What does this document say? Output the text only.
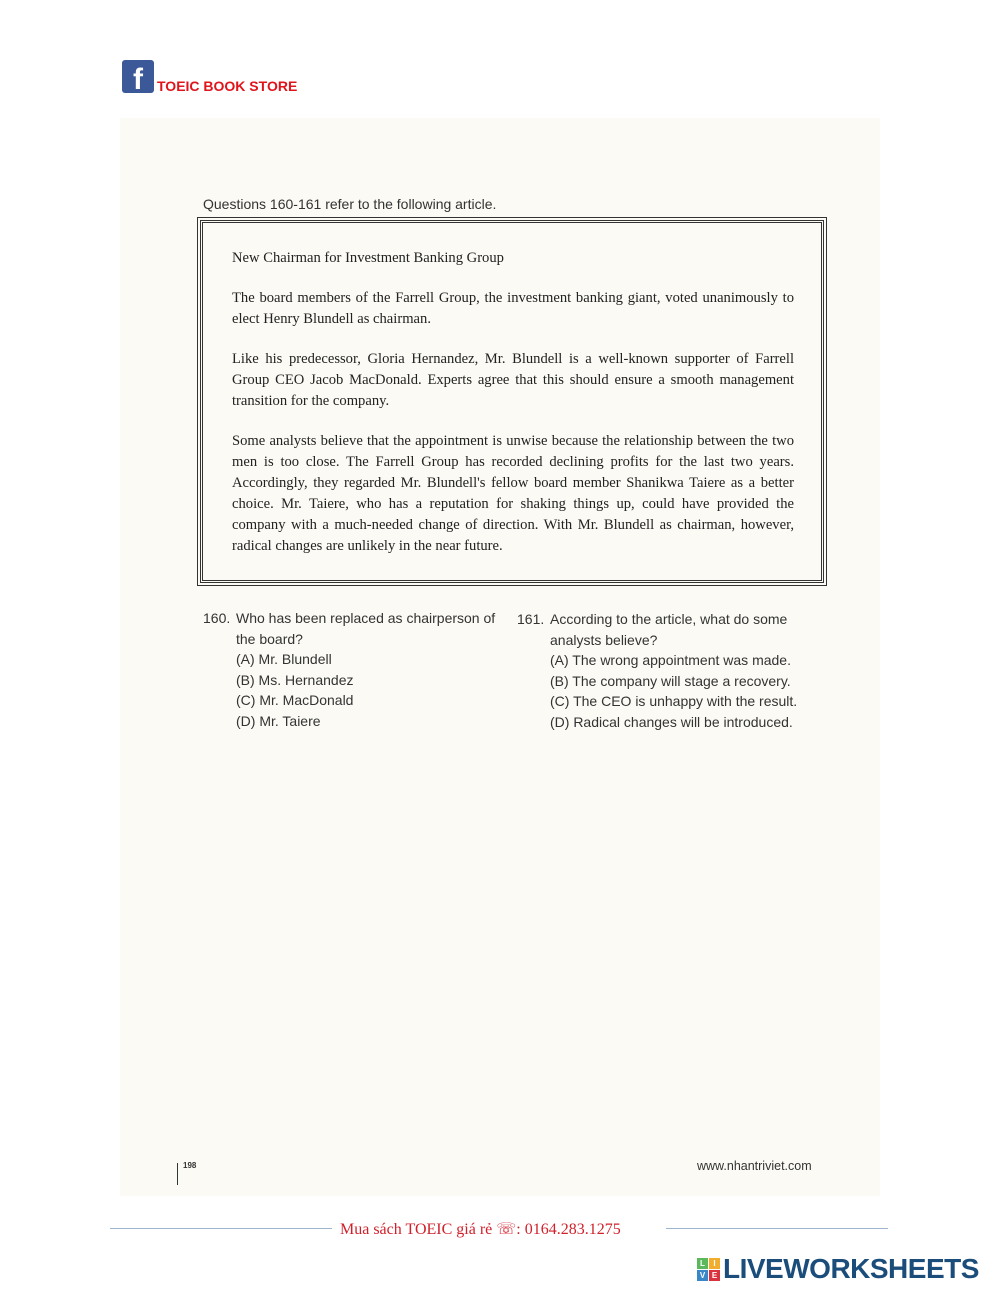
f	TOEIC BOOK STORE
Questions 160-161 refer to the following article.

New Chairman for Investment Banking Group

The board members of the Farrell Group, the investment banking giant, voted unanimously to elect Henry Blundell as chairman.

Like his predecessor, Gloria Hernandez, Mr. Blundell is a well-known supporter of Farrell Group CEO Jacob MacDonald. Experts agree that this should ensure a smooth management transition for the company.

Some analysts believe that the appointment is unwise because the relationship between the two men is too close. The Farrell Group has recorded declining profits for the last two years. Accordingly, they regarded Mr. Blundell's fellow board member Shanikwa Taiere as a better choice. Mr. Taiere, who has a reputation for shaking things up, could have provided the company with a much-needed change of direction. With Mr. Blundell as chairman, however, radical changes are unlikely in the near future.

160. Who has been replaced as chairperson of the board?
(A) Mr. Blundell
(B) Ms. Hernandez
(C) Mr. MacDonald
(D) Mr. Taiere
161. According to the article, what do some analysts believe?
(A) The wrong appointment was made.
(B) The company will stage a recovery.
(C) The CEO is unhappy with the result.
(D) Radical changes will be introduced.
198	www.nhantriviet.com
Mua sách TOEIC giá rẻ ☏: 0164.283.1275
L	I
V E LIVEWORKSHEETS
